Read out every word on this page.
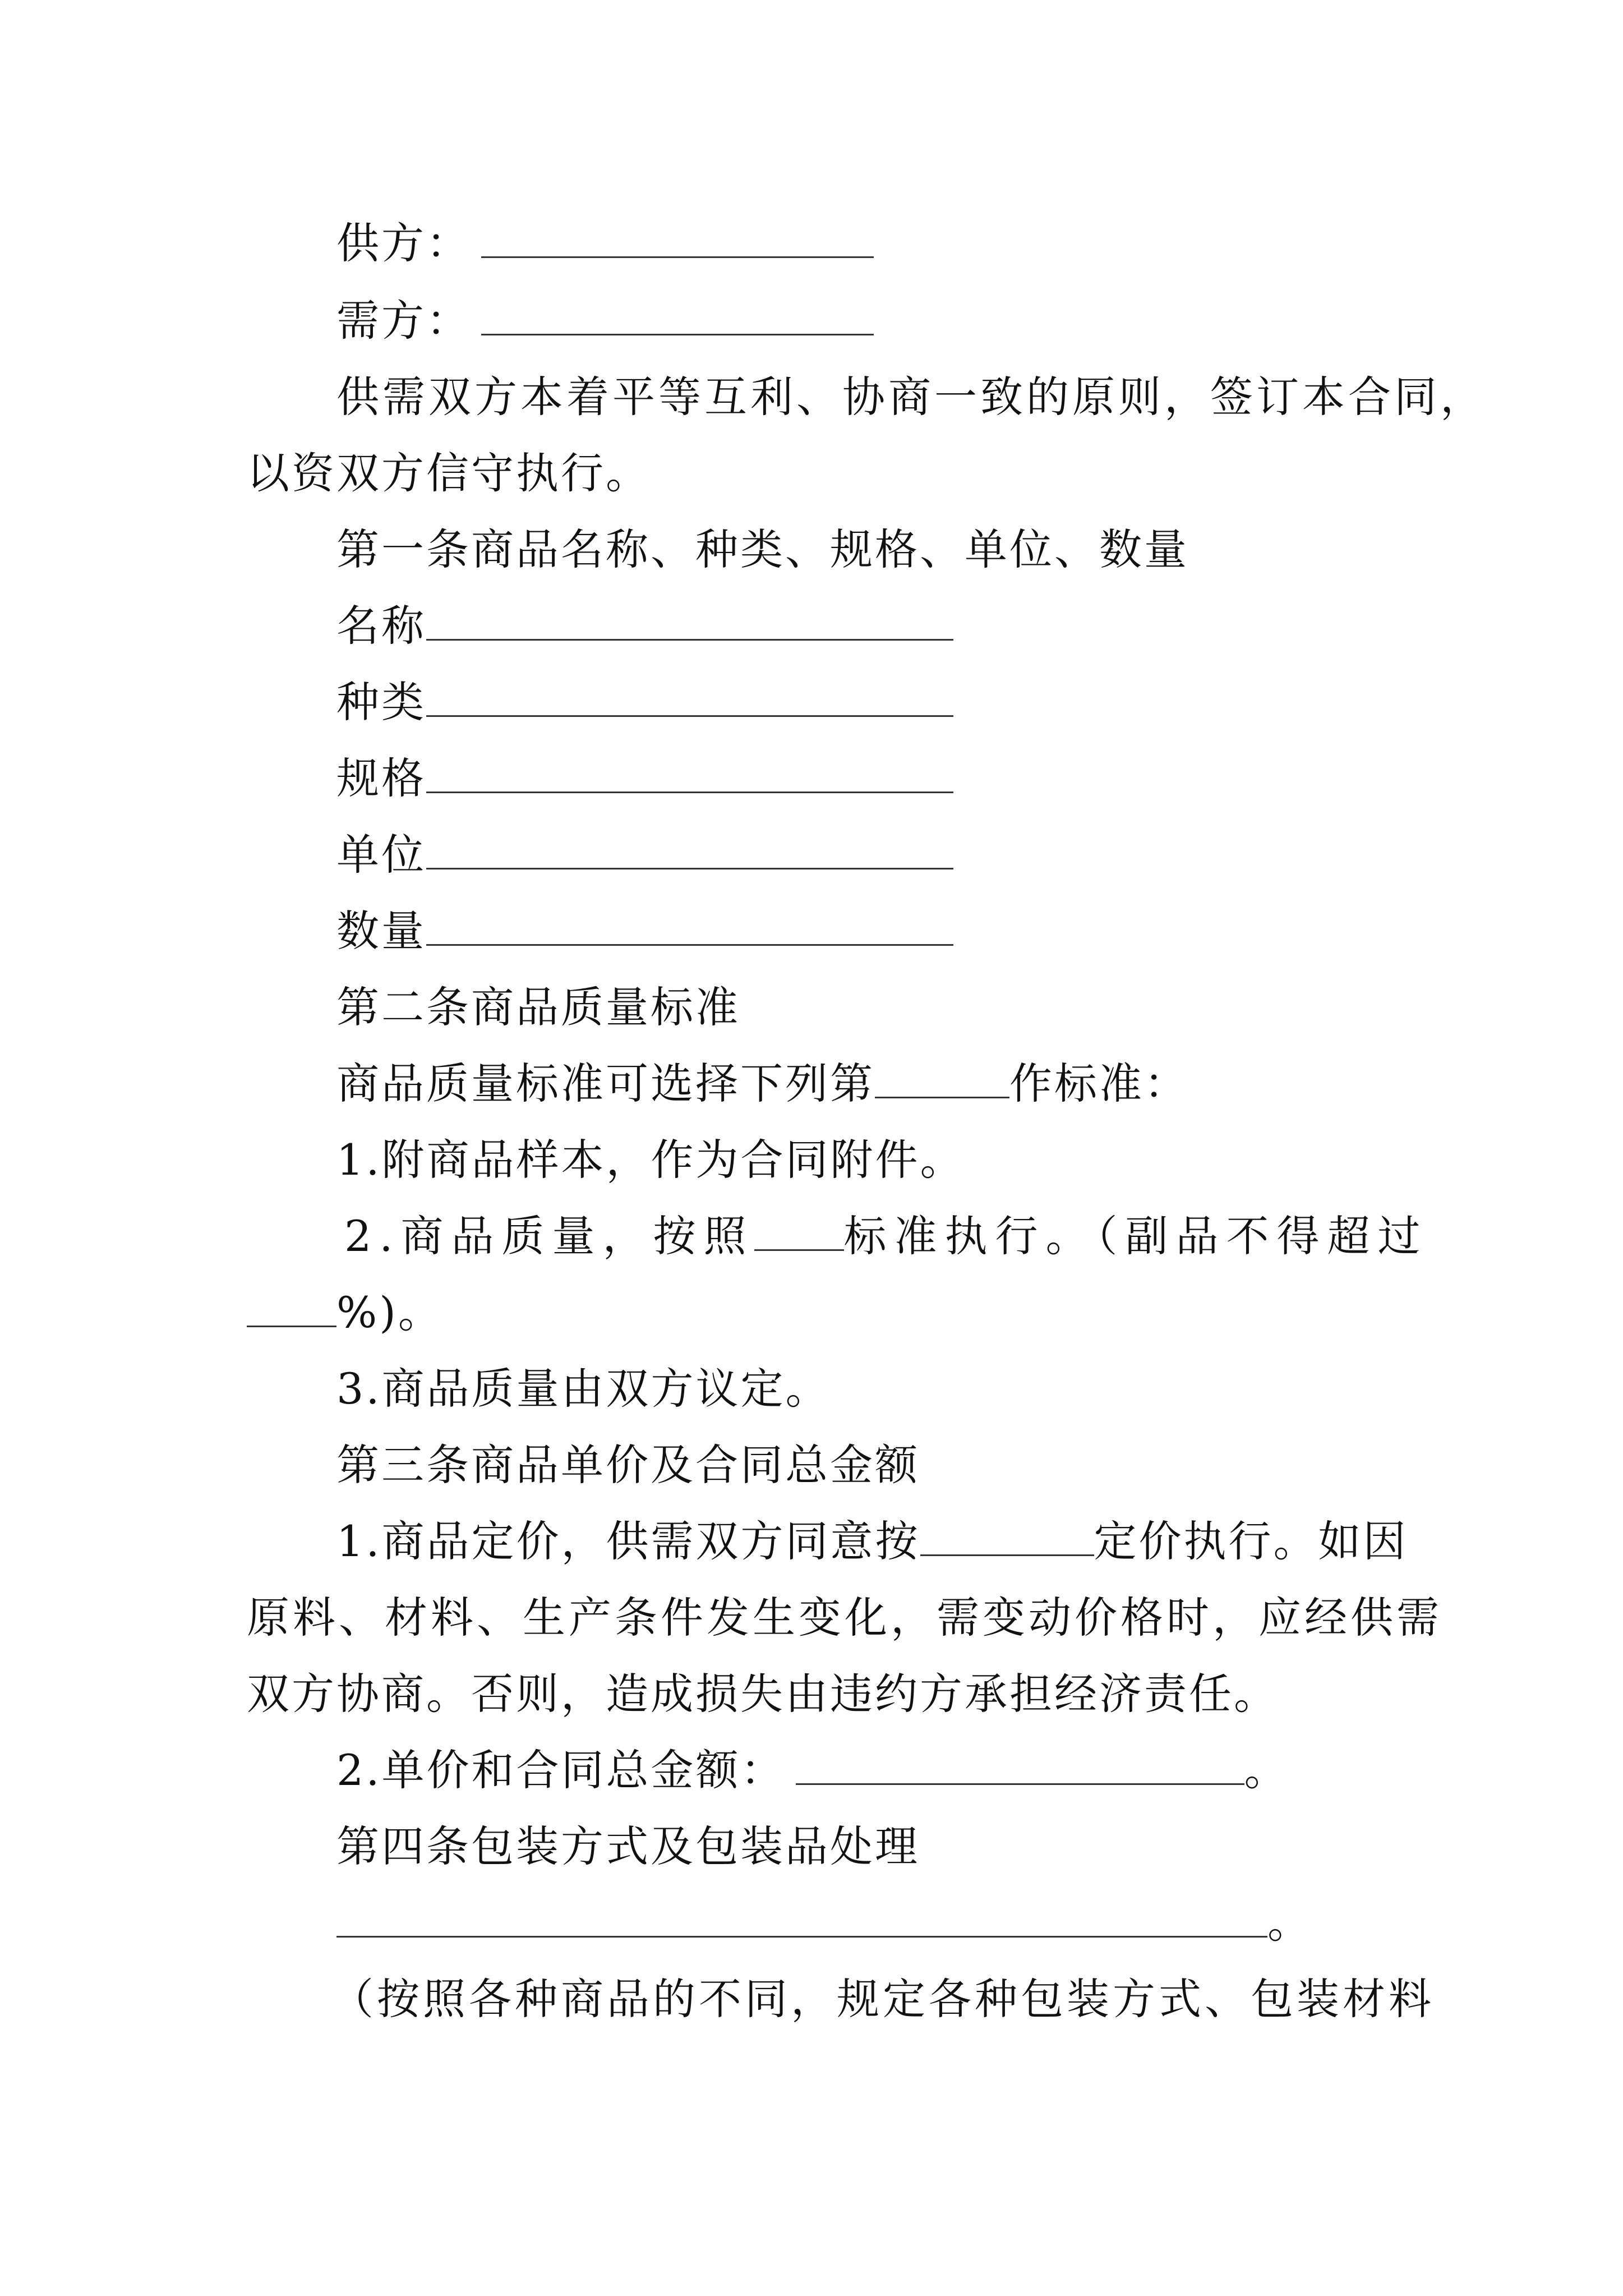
供方：
需方：
供需双方本着平等互利、协商一致的原则，签订本合同，
以资双方信守执行。
第一条商品名称、种类、规格、单位、数量
名称
种类
规格
单位
数量
第二条商品质量标准
商品质量标准可选择下列第	作标准：
1.附商品样本，作为合同附件。
2.商品质量，按照 标准执行。（副品不得超过
%)。
3.商品质量由双方议定。
第三条商品单价及合同总金额
1.商品定价，供需双方同意按	定价执行。如因
原料、材料、生产条件发生变化，需变动价格时，应经供需
双方协商。否则，造成损失由违约方承担经济责任。
2.单价和合同总金额：	。
第四条包装方式及包装品处理
。
（按照各种商品的不同，规定各种包装方式、包装材料
